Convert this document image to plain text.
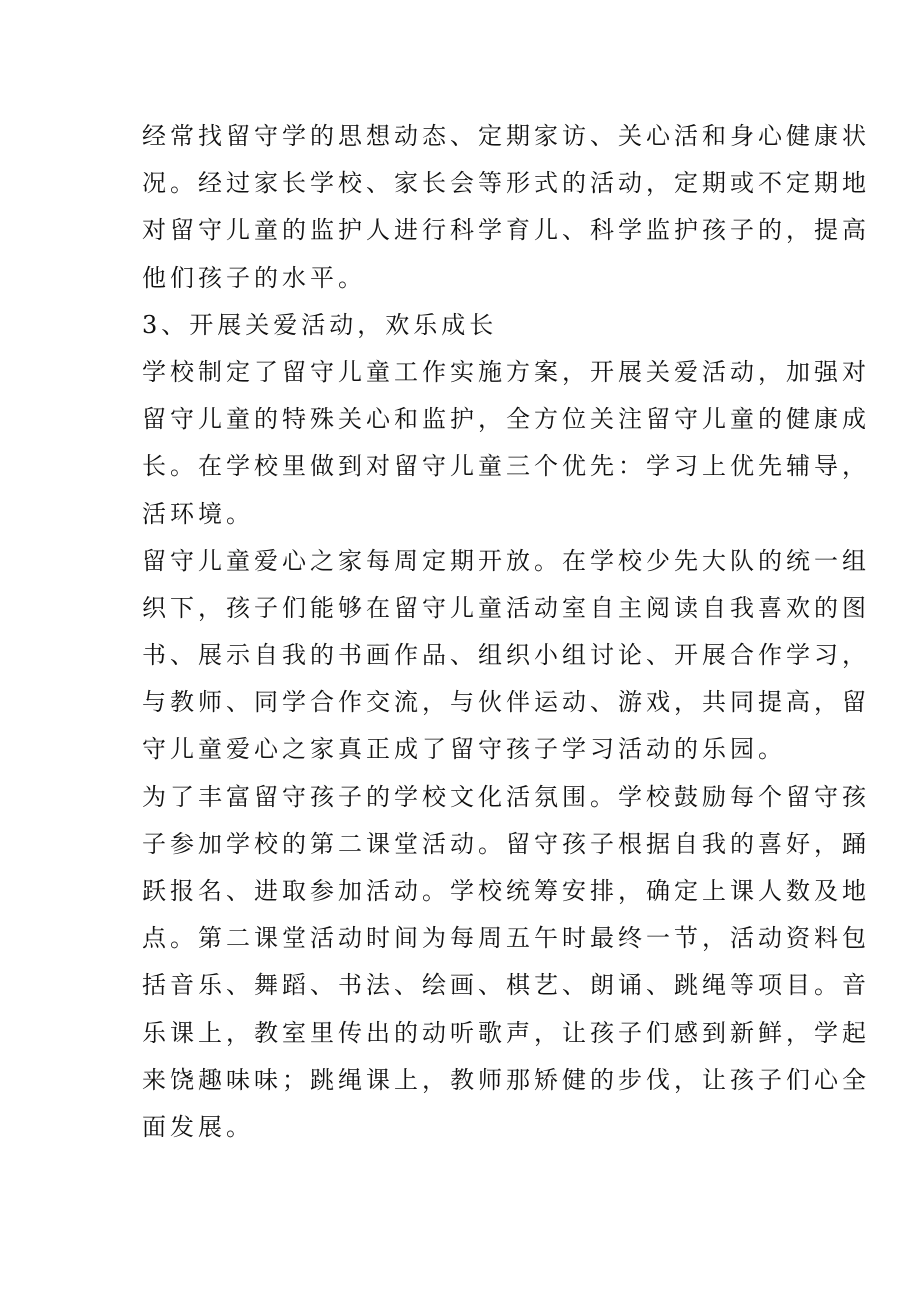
经常找留守学的思想动态、定期家访、关心活和身心健康状
况。经过家长学校、家长会等形式的活动，定期或不定期地
对留守儿童的监护人进行科学育儿、科学监护孩子的，提高
他们孩子的水平。
3、开展关爱活动，欢乐成长
学校制定了留守儿童工作实施方案，开展关爱活动，加强对
留守儿童的特殊关心和监护，全方位关注留守儿童的健康成
长。在学校里做到对留守儿童三个优先：学习上优先辅导，
活环境。
留守儿童爱心之家每周定期开放。在学校少先大队的统一组
织下，孩子们能够在留守儿童活动室自主阅读自我喜欢的图
书、展示自我的书画作品、组织小组讨论、开展合作学习，
与教师、同学合作交流，与伙伴运动、游戏，共同提高，留
守儿童爱心之家真正成了留守孩子学习活动的乐园。
为了丰富留守孩子的学校文化活氛围。学校鼓励每个留守孩
子参加学校的第二课堂活动。留守孩子根据自我的喜好，踊
跃报名、进取参加活动。学校统筹安排，确定上课人数及地
点。第二课堂活动时间为每周五午时最终一节，活动资料包
括音乐、舞蹈、书法、绘画、棋艺、朗诵、跳绳等项目。音
乐课上，教室里传出的动听歌声，让孩子们感到新鲜，学起
来饶趣味味；跳绳课上，教师那矫健的步伐，让孩子们心全
面发展。
